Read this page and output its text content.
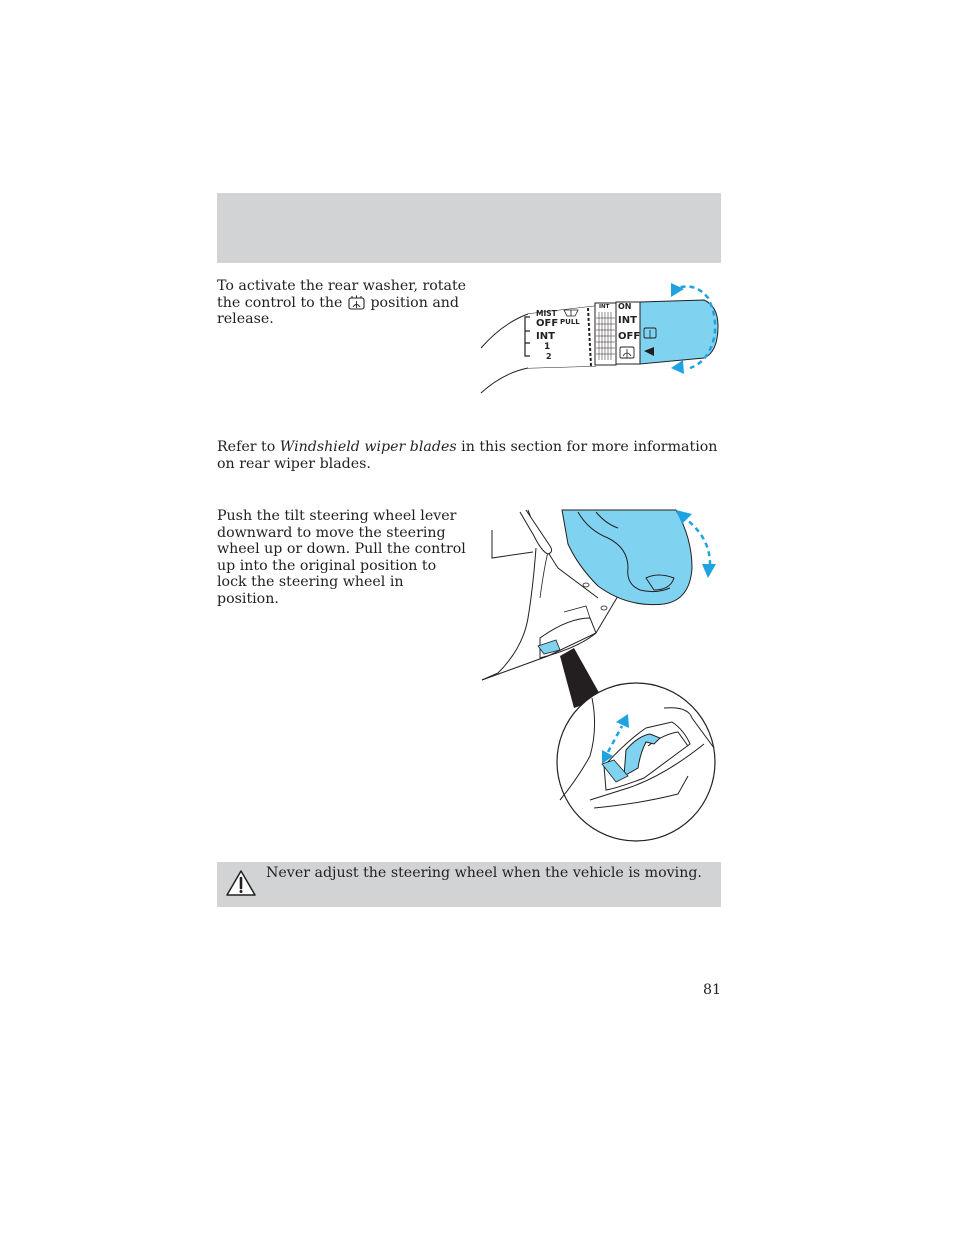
To activate the rear washer, rotate the control to the position and release.	MIST
OFF
INT
1
2
PULL
INT ON
INT
OFF

Refer to Windshield wiper blades in this section for more information on rear wiper blades.

Push the tilt steering wheel lever downward to move the steering wheel up or down. Pull the control up into the original position to lock the steering wheel in position.

Never adjust the steering wheel when the vehicle is moving.
81
